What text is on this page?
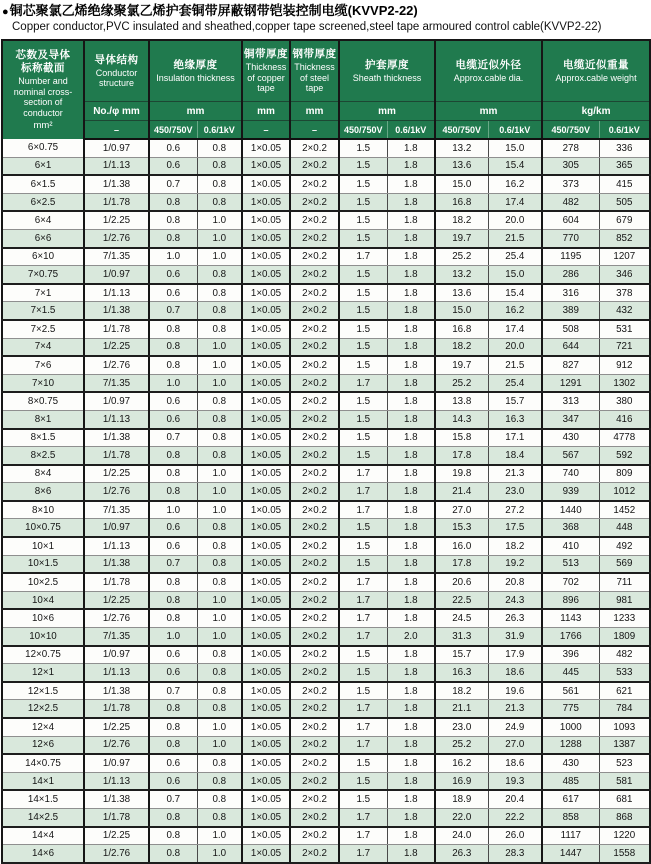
●铜芯聚氯乙烯绝缘聚氯乙烯护套铜带屏蔽钢带铠装控制电缆(KVVP2-22)
Copper conductor,PVC insulated and sheathed,copper tape screened,steel tape armoured control cable(KVVP2-22)
芯数及导体
标称截面
Number and nominal cross-section of conductor
mm²

导体结构
Conductor structure

绝缘厚度
Insulation thickness

铜带厚度
Thickness of copper tape

钢带厚度
Thickness of steel tape

护套厚度
Sheath thickness

电缆近似外径
Approx.cable dia.

电缆近似重量
Approx.cable weight

	No./φ mm	mm		mm	mm	mm		mm		kg/km	
	–	450/750V	0.6/1kV	–	–	450/750V	0.6/1kV	450/750V	0.6/1kV	450/750V	0.6/1kV
6×0.75	1/0.97	0.6	0.8	1×0.05	2×0.2	1.5	1.8	13.2	15.0	278	336
6×1	1/1.13	0.6	0.8	1×0.05	2×0.2	1.5	1.8	13.6	15.4	305	365
6×1.5	1/1.38	0.7	0.8	1×0.05	2×0.2	1.5	1.8	15.0	16.2	373	415
6×2.5	1/1.78	0.8	0.8	1×0.05	2×0.2	1.5	1.8	16.8	17.4	482	505
6×4	1/2.25	0.8	1.0	1×0.05	2×0.2	1.5	1.8	18.2	20.0	604	679
6×6	1/2.76	0.8	1.0	1×0.05	2×0.2	1.5	1.8	19.7	21.5	770	852
6×10	7/1.35	1.0	1.0	1×0.05	2×0.2	1.7	1.8	25.2	25.4	1195	1207
7×0.75	1/0.97	0.6	0.8	1×0.05	2×0.2	1.5	1.8	13.2	15.0	286	346
7×1	1/1.13	0.6	0.8	1×0.05	2×0.2	1.5	1.8	13.6	15.4	316	378
7×1.5	1/1.38	0.7	0.8	1×0.05	2×0.2	1.5	1.8	15.0	16.2	389	432
7×2.5	1/1.78	0.8	0.8	1×0.05	2×0.2	1.5	1.8	16.8	17.4	508	531
7×4	1/2.25	0.8	1.0	1×0.05	2×0.2	1.5	1.8	18.2	20.0	644	721
7×6	1/2.76	0.8	1.0	1×0.05	2×0.2	1.5	1.8	19.7	21.5	827	912
7×10	7/1.35	1.0	1.0	1×0.05	2×0.2	1.7	1.8	25.2	25.4	1291	1302
8×0.75	1/0.97	0.6	0.8	1×0.05	2×0.2	1.5	1.8	13.8	15.7	313	380
8×1	1/1.13	0.6	0.8	1×0.05	2×0.2	1.5	1.8	14.3	16.3	347	416
8×1.5	1/1.38	0.7	0.8	1×0.05	2×0.2	1.5	1.8	15.8	17.1	430	4778
8×2.5	1/1.78	0.8	0.8	1×0.05	2×0.2	1.5	1.8	17.8	18.4	567	592
8×4	1/2.25	0.8	1.0	1×0.05	2×0.2	1.7	1.8	19.8	21.3	740	809
8×6	1/2.76	0.8	1.0	1×0.05	2×0.2	1.7	1.8	21.4	23.0	939	1012
8×10	7/1.35	1.0	1.0	1×0.05	2×0.2	1.7	1.8	27.0	27.2	1440	1452
10×0.75	1/0.97	0.6	0.8	1×0.05	2×0.2	1.5	1.8	15.3	17.5	368	448
10×1	1/1.13	0.6	0.8	1×0.05	2×0.2	1.5	1.8	16.0	18.2	410	492
10×1.5	1/1.38	0.7	0.8	1×0.05	2×0.2	1.5	1.8	17.8	19.2	513	569
10×2.5	1/1.78	0.8	0.8	1×0.05	2×0.2	1.7	1.8	20.6	20.8	702	711
10×4	1/2.25	0.8	1.0	1×0.05	2×0.2	1.7	1.8	22.5	24.3	896	981
10×6	1/2.76	0.8	1.0	1×0.05	2×0.2	1.7	1.8	24.5	26.3	1143	1233
10×10	7/1.35	1.0	1.0	1×0.05	2×0.2	1.7	2.0	31.3	31.9	1766	1809
12×0.75	1/0.97	0.6	0.8	1×0.05	2×0.2	1.5	1.8	15.7	17.9	396	482
12×1	1/1.13	0.6	0.8	1×0.05	2×0.2	1.5	1.8	16.3	18.6	445	533
12×1.5	1/1.38	0.7	0.8	1×0.05	2×0.2	1.5	1.8	18.2	19.6	561	621
12×2.5	1/1.78	0.8	0.8	1×0.05	2×0.2	1.7	1.8	21.1	21.3	775	784
12×4	1/2.25	0.8	1.0	1×0.05	2×0.2	1.7	1.8	23.0	24.9	1000	1093
12×6	1/2.76	0.8	1.0	1×0.05	2×0.2	1.7	1.8	25.2	27.0	1288	1387
14×0.75	1/0.97	0.6	0.8	1×0.05	2×0.2	1.5	1.8	16.2	18.6	430	523
14×1	1/1.13	0.6	0.8	1×0.05	2×0.2	1.5	1.8	16.9	19.3	485	581
14×1.5	1/1.38	0.7	0.8	1×0.05	2×0.2	1.5	1.8	18.9	20.4	617	681
14×2.5	1/1.78	0.8	0.8	1×0.05	2×0.2	1.7	1.8	22.0	22.2	858	868
14×4	1/2.25	0.8	1.0	1×0.05	2×0.2	1.7	1.8	24.0	26.0	1117	1220
14×6	1/2.76	0.8	1.0	1×0.05	2×0.2	1.7	1.8	26.3	28.3	1447	1558
